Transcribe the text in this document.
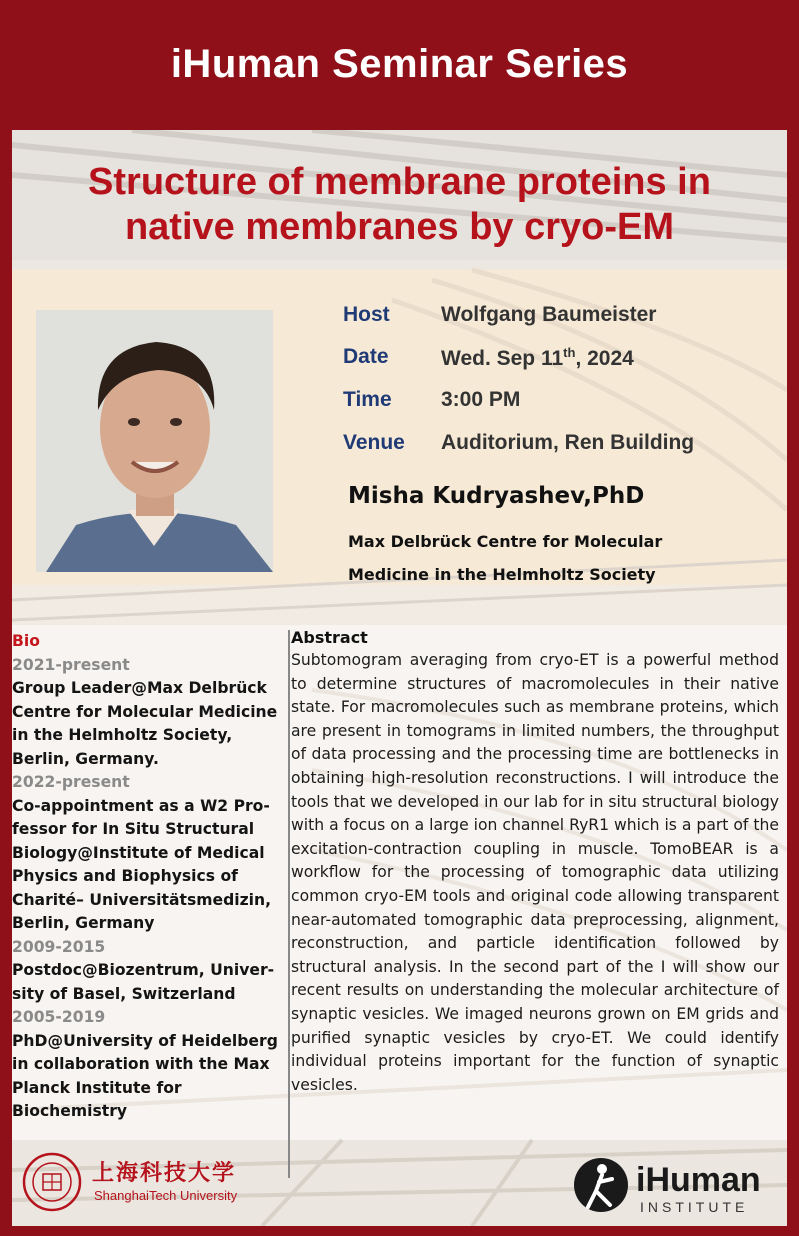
iHuman Seminar Series
Structure of membrane proteins in
native membranes by cryo-EM
Host Wolfgang Baumeister
Date Wed. Sep 11th, 2024
Time 3:00 PM
Venue Auditorium, Ren Building
Misha Kudryashev,PhD
Max Delbrück Centre for Molecular
Medicine in the Helmholtz Society
Bio
2021-present
Group Leader@Max Delbrück
Centre for Molecular Medicine
in the Helmholtz Society,
Berlin, Germany.
2022-present
Co-appointment as a W2 Pro-
fessor for In Situ Structural
Biology@Institute of Medical
Physics and Biophysics of
Charité– Universitätsmedizin,
Berlin, Germany
2009-2015
Postdoc@Biozentrum, Univer-
sity of Basel, Switzerland
2005-2019
PhD@University of Heidelberg
in collaboration with the Max
Planck Institute for
Biochemistry
Abstract

Subtomogram averaging from cryo-ET is a powerful method to determine structures of macromolecules in their native state. For macromolecules such as membrane proteins, which are present in tomograms in limited numbers, the throughput of data processing and the processing time are bottlenecks in obtaining high-resolution reconstructions. I will introduce the tools that we developed in our lab for in situ structural biology with a focus on a large ion channel RyR1 which is a part of the excitation-contraction coupling in muscle. TomoBEAR is a workflow for the processing of tomographic data utilizing common cryo-EM tools and original code allowing transparent near-automated tomographic data preprocessing, alignment, reconstruction, and particle identification followed by structural analysis. In the second part of the I will show our recent results on understanding the molecular architecture of synaptic vesicles. We imaged neurons grown on EM grids and purified synaptic vesicles by cryo-ET. We could identify individual proteins important for the function of synaptic vesicles.

上海科技大学
ShanghaiTech University	iHuman
INSTITUTE
